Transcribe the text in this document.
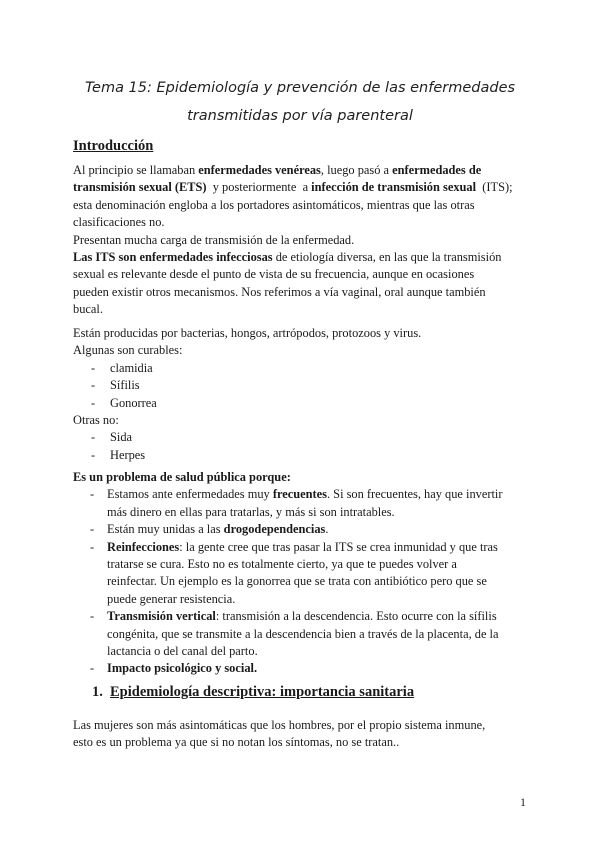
Tema 15: Epidemiología y prevención de las enfermedades
transmitidas por vía parenteral
Introducción
Al principio se llamaban enfermedades venéreas, luego pasó a enfermedades de
transmisión sexual (ETS)  y posteriormente  a infección de transmisión sexual  (ITS);
esta denominación engloba a los portadores asintomáticos, mientras que las otras
clasificaciones no.
Presentan mucha carga de transmisión de la enfermedad.
Las ITS son enfermedades infecciosas de etiología diversa, en las que la transmisión
sexual es relevante desde el punto de vista de su frecuencia, aunque en ocasiones
pueden existir otros mecanismos. Nos referimos a vía vaginal, oral aunque también
bucal.
Están producidas por bacterias, hongos, artrópodos, protozoos y virus.
Algunas son curables:
- clamidia
- Sífilis
- Gonorrea
Otras no:
- Sida
- Herpes
Es un problema de salud pública porque:
- Estamos ante enfermedades muy frecuentes. Si son frecuentes, hay que invertir
más dinero en ellas para tratarlas, y más si son intratables.
- Están muy unidas a las drogodependencias.
- Reinfecciones: la gente cree que tras pasar la ITS se crea inmunidad y que tras
tratarse se cura. Esto no es totalmente cierto, ya que te puedes volver a
reinfectar. Un ejemplo es la gonorrea que se trata con antibiótico pero que se
puede generar resistencia.
- Transmisión vertical: transmisión a la descendencia. Esto ocurre con la sífilis
congénita, que se transmite a la descendencia bien a través de la placenta, de la
lactancia o del canal del parto.
- Impacto psicológico y social.
1. Epidemiología descriptiva: importancia sanitaria
Las mujeres son más asintomáticas que los hombres, por el propio sistema inmune,
esto es un problema ya que si no notan los síntomas, no se tratan..
1
